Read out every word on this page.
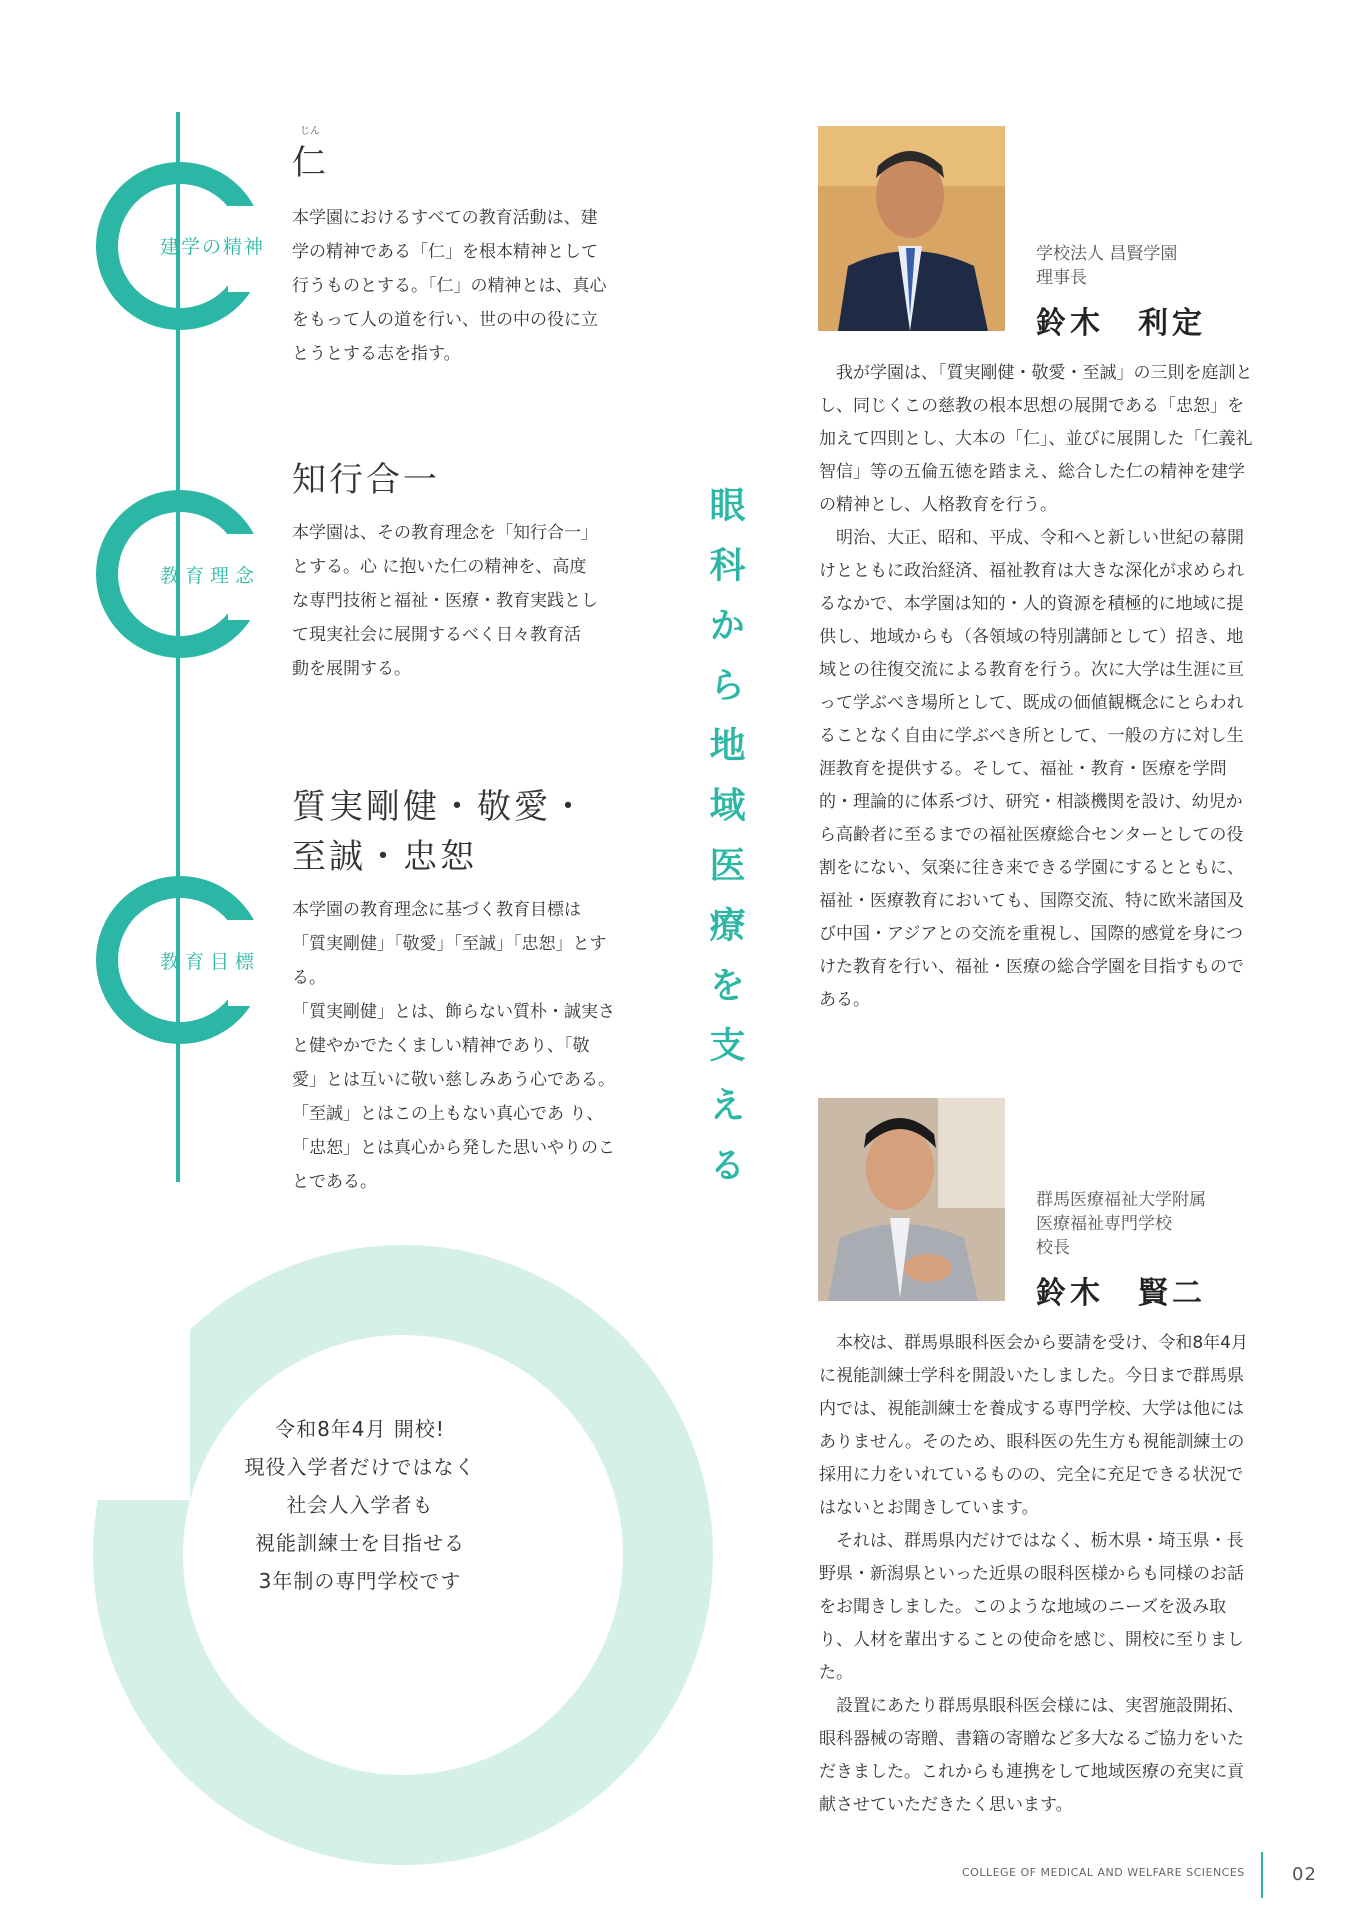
建学の精神
じん
仁

本学園におけるすべての教育活動は、建

学の精神である「仁」を根本精神として

行うものとする。「仁」の精神とは、真心

をもって人の道を行い、世の中の役に立

とうとする志を指す。

教育理念
知行合一

本学園は、その教育理念を「知行合一」

とする。心 に抱いた仁の精神を、高度

な専門技術と福祉・医療・教育実践とし

て現実社会に展開するべく日々教育活

動を展開する。

教育目標
質実剛健・敬愛・
至誠・忠恕

本学園の教育理念に基づく教育目標は

「質実剛健」「敬愛」「至誠」「忠恕」とする。

「質実剛健」とは、飾らない質朴・誠実さ

と健やかでたくましい精神であり、「敬

愛」とは互いに敬い慈しみあう心である。

「至誠」とはこの上もない真心であ り、

「忠恕」とは真心から発した思いやりのこ

とである。	眼科から地域医療を支える
令和8年4月 開校!
現役入学者だけではなく
社会人入学者も
視能訓練士を目指せる
3年制の専門学校です
学校法人 昌賢学園
理事長
鈴木　利定

我が学園は、「質実剛健・敬愛・至誠」の三則を庭訓とし、同じくこの慈教の根本思想の展開である「忠恕」を加えて四則とし、大本の「仁」、並びに展開した「仁義礼智信」等の五倫五徳を踏まえ、総合した仁の精神を建学の精神とし、人格教育を行う。

明治、大正、昭和、平成、令和へと新しい世紀の幕開けとともに政治経済、福祉教育は大きな深化が求められるなかで、本学園は知的・人的資源を積極的に地域に提供し、地域からも（各領域の特別講師として）招き、地域との往復交流による教育を行う。次に大学は生涯に亘って学ぶべき場所として、既成の価値観概念にとらわれることなく自由に学ぶべき所として、一般の方に対し生涯教育を提供する。そして、福祉・教育・医療を学問的・理論的に体系づけ、研究・相談機関を設け、幼児から高齢者に至るまでの福祉医療総合センターとしての役割をにない、気楽に往き来できる学園にするとともに、福祉・医療教育においても、国際交流、特に欧米諸国及び中国・アジアとの交流を重視し、国際的感覚を身につけた教育を行い、福祉・医療の総合学園を目指すものである。

群馬医療福祉大学附属
医療福祉専門学校
校長
鈴木　賢二

本校は、群馬県眼科医会から要請を受け、令和8年4月に視能訓練士学科を開設いたしました。今日まで群馬県内では、視能訓練士を養成する専門学校、大学は他にはありません。そのため、眼科医の先生方も視能訓練士の採用に力をいれているものの、完全に充足できる状況ではないとお聞きしています。

それは、群馬県内だけではなく、栃木県・埼玉県・長野県・新潟県といった近県の眼科医様からも同様のお話をお聞きしました。このような地域のニーズを汲み取り、人材を輩出することの使命を感じ、開校に至りました。

設置にあたり群馬県眼科医会様には、実習施設開拓、眼科器械の寄贈、書籍の寄贈など多大なるご協力をいただきました。これからも連携をして地域医療の充実に貢献させていただきたく思います。

COLLEGE OF MEDICAL AND WELFARE SCIENCES	02
